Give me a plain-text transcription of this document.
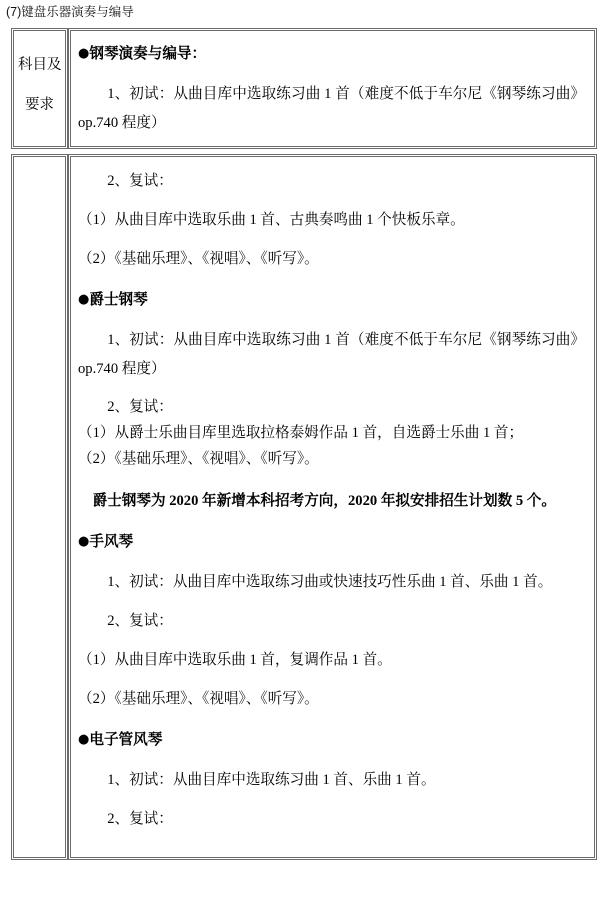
(7)键盘乐器演奏与编导
科目及
要求

●钢琴演奏与编导：

1、初试：从曲目库中选取练习曲 1 首（难度不低于车尔尼《钢琴练习曲》op.740 程度）

2、复试：

（1）从曲目库中选取乐曲 1 首、古典奏鸣曲 1 个快板乐章。

（2）《基础乐理》、《视唱》、《听写》。

●爵士钢琴

1、初试：从曲目库中选取练习曲 1 首（难度不低于车尔尼《钢琴练习曲》op.740 程度）

2、复试：

（1）从爵士乐曲目库里选取拉格泰姆作品 1 首，自选爵士乐曲 1 首；

（2）《基础乐理》、《视唱》、《听写》。

爵士钢琴为 2020 年新增本科招考方向，2020 年拟安排招生计划数 5 个。

●手风琴

1、初试：从曲目库中选取练习曲或快速技巧性乐曲 1 首、乐曲 1 首。

2、复试：

（1）从曲目库中选取乐曲 1 首，复调作品 1 首。

（2）《基础乐理》、《视唱》、《听写》。

●电子管风琴

1、初试：从曲目库中选取练习曲 1 首、乐曲 1 首。

2、复试：
